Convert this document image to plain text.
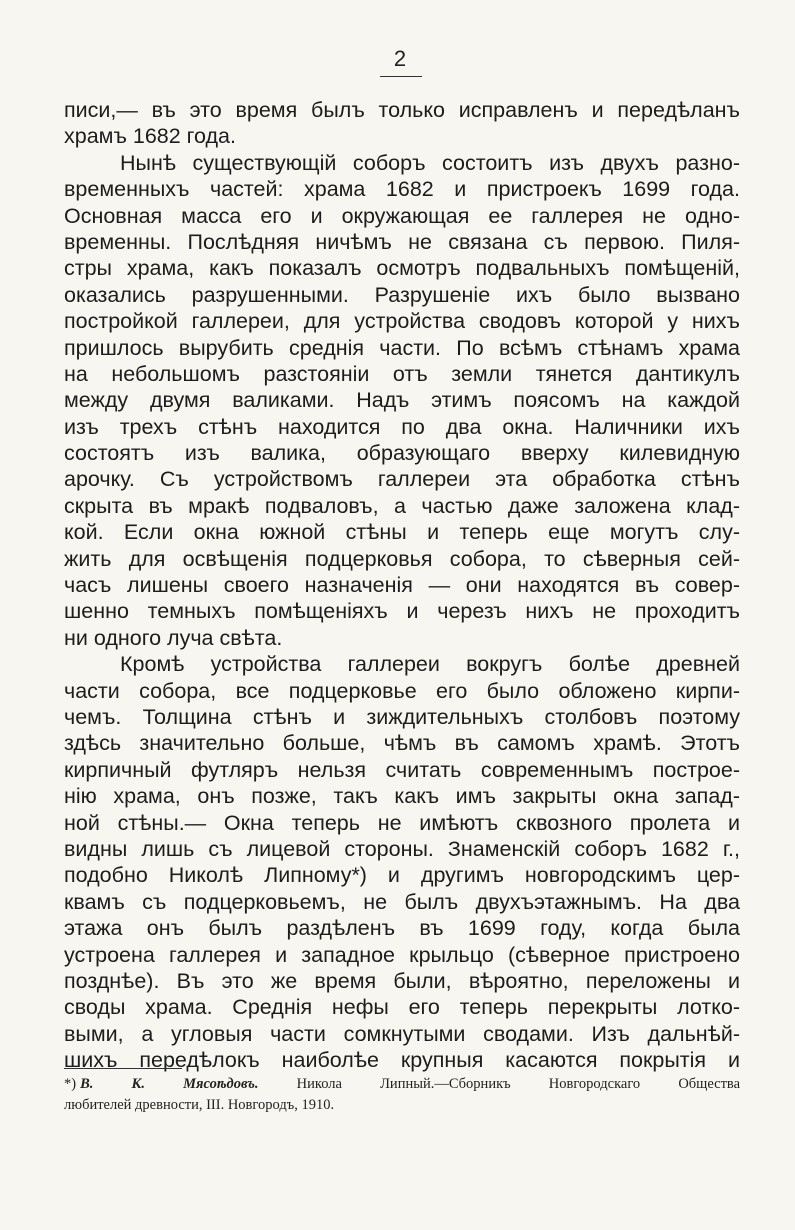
2
писи,— въ это время былъ только исправленъ и передѣланъ
храмъ 1682 года.
Нынѣ существующій соборъ состоитъ изъ двухъ разно-
временныхъ частей: храма 1682 и пристроекъ 1699 года.
Основная масса его и окружающая ее галлерея не одно-
временны. Послѣдняя ничѣмъ не связана съ первою. Пиля-
стры храма, какъ показалъ осмотръ подвальныхъ помѣщеній,
оказались разрушенными. Разрушеніе ихъ было вызвано
постройкой галлереи, для устройства сводовъ которой у нихъ
пришлось вырубить среднія части. По всѣмъ стѣнамъ храма
на небольшомъ разстояніи отъ земли тянется дантикулъ
между двумя валиками. Надъ этимъ поясомъ на каждой
изъ трехъ стѣнъ находится по два окна. Наличники ихъ
состоятъ изъ валика, образующаго вверху килевидную
арочку. Съ устройствомъ галлереи эта обработка стѣнъ
скрыта въ мракѣ подваловъ, а частью даже заложена клад-
кой. Если окна южной стѣны и теперь еще могутъ слу-
жить для освѣщенія подцерковья собора, то сѣверныя сей-
часъ лишены своего назначенія — они находятся въ совер-
шенно темныхъ помѣщеніяхъ и черезъ нихъ не проходитъ
ни одного луча свѣта.
Кромѣ устройства галлереи вокругъ болѣе древней
части собора, все подцерковье его было обложено кирпи-
чемъ. Толщина стѣнъ и зиждительныхъ столбовъ поэтому
здѣсь значительно больше, чѣмъ въ самомъ храмѣ. Этотъ
кирпичный футляръ нельзя считать современнымъ построе-
нію храма, онъ позже, такъ какъ имъ закрыты окна запад-
ной стѣны.— Окна теперь не имѣютъ сквозного пролета и
видны лишь съ лицевой стороны. Знаменскій соборъ 1682 г.,
подобно Николѣ Липному*) и другимъ новгородскимъ цер-
квамъ съ подцерковьемъ, не былъ двухъэтажнымъ. На два
этажа онъ былъ раздѣленъ въ 1699 году, когда была
устроена галлерея и западное крыльцо (сѣверное пристроено
позднѣе). Въ это же время были, вѣроятно, переложены и
своды храма. Среднія нефы его теперь перекрыты лотко-
выми, а угловыя части сомкнутыми сводами. Изъ дальнѣй-
шихъ передѣлокъ наиболѣе крупныя касаются покрытія и
*) В. К. Мясоѣдовъ.	Никола Липный.—Сборникъ Новгородскаго Общества
любителей древности, III. Новгородъ, 1910.
